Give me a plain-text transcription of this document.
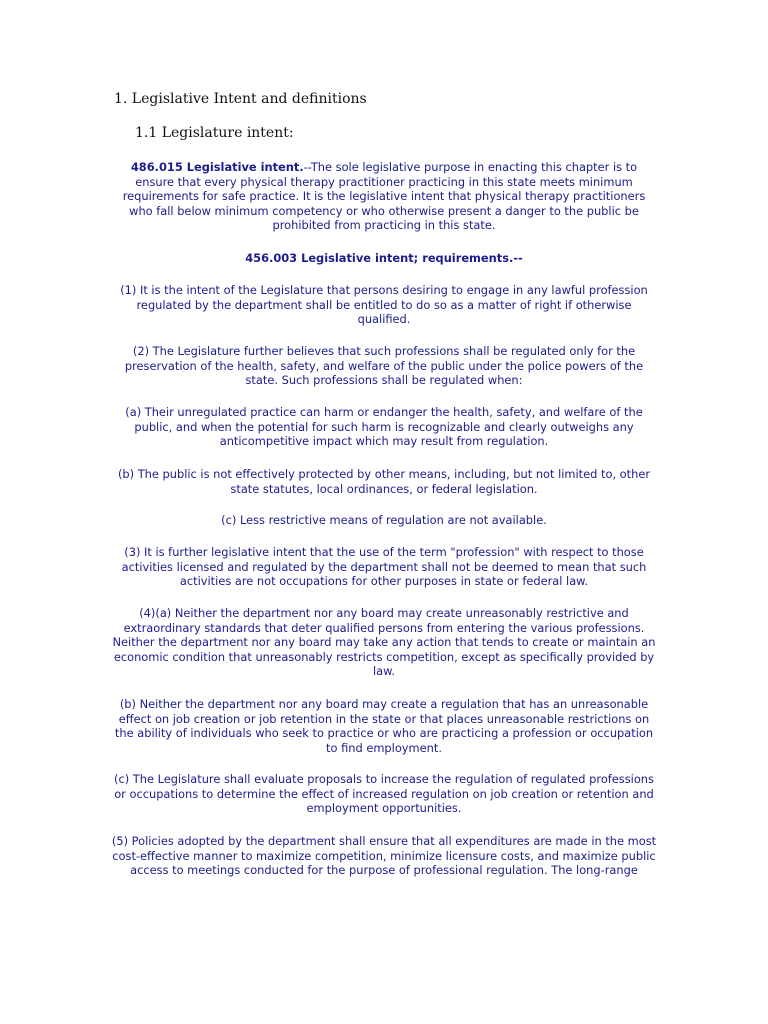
1. Legislative Intent and definitions
1.1 Legislature intent:

486.015 Legislative intent.--The sole legislative purpose in enacting this chapter is to ensure that every physical therapy practitioner practicing in this state meets minimum requirements for safe practice. It is the legislative intent that physical therapy practitioners who fall below minimum competency or who otherwise present a danger to the public be prohibited from practicing in this state.

456.003 Legislative intent; requirements.--
(1) It is the intent of the Legislature that persons desiring to engage in any lawful profession regulated by the department shall be entitled to do so as a matter of right if otherwise qualified.
(2) The Legislature further believes that such professions shall be regulated only for the preservation of the health, safety, and welfare of the public under the police powers of the state. Such professions shall be regulated when:
(a) Their unregulated practice can harm or endanger the health, safety, and welfare of the public, and when the potential for such harm is recognizable and clearly outweighs any anticompetitive impact which may result from regulation.
(b) The public is not effectively protected by other means, including, but not limited to, other state statutes, local ordinances, or federal legislation.
(c) Less restrictive means of regulation are not available.
(3) It is further legislative intent that the use of the term "profession" with respect to those activities licensed and regulated by the department shall not be deemed to mean that such activities are not occupations for other purposes in state or federal law.
(4)(a) Neither the department nor any board may create unreasonably restrictive and extraordinary standards that deter qualified persons from entering the various professions. Neither the department nor any board may take any action that tends to create or maintain an economic condition that unreasonably restricts competition, except as specifically provided by law.
(b) Neither the department nor any board may create a regulation that has an unreasonable effect on job creation or job retention in the state or that places unreasonable restrictions on the ability of individuals who seek to practice or who are practicing a profession or occupation to find employment.
(c) The Legislature shall evaluate proposals to increase the regulation of regulated professions or occupations to determine the effect of increased regulation on job creation or retention and employment opportunities.
(5) Policies adopted by the department shall ensure that all expenditures are made in the most cost-effective manner to maximize competition, minimize licensure costs, and maximize public access to meetings conducted for the purpose of professional regulation. The long-range
